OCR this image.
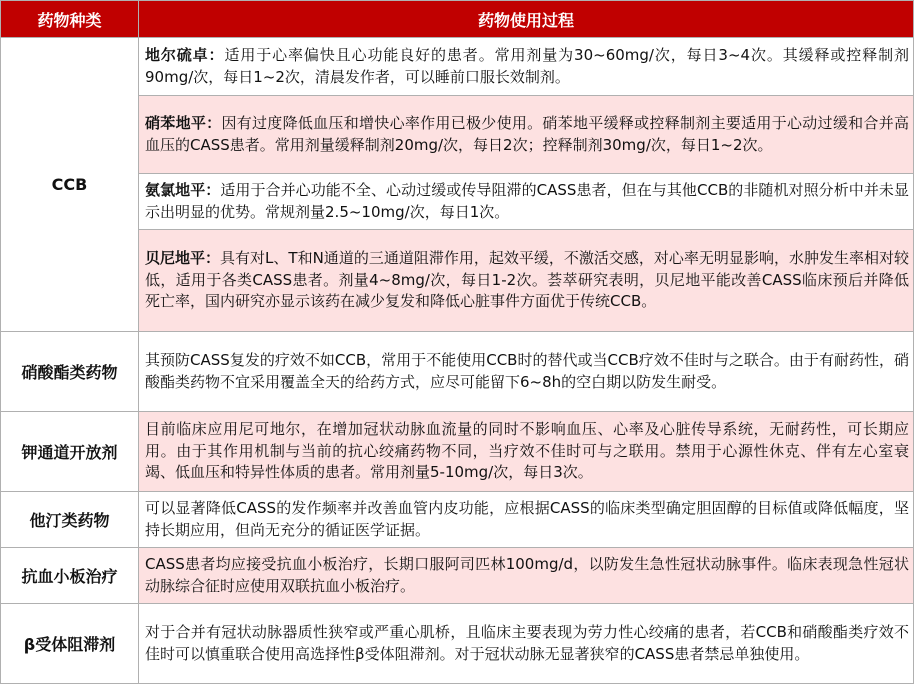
药物种类	药物使用过程
CCB	地尔硫卓：适用于心率偏快且心功能良好的患者。常用剂量为30~60mg/次，每日3~4次。其缓释或控释制剂90mg/次，每日1~2次，清晨发作者，可以睡前口服长效制剂。
	硝苯地平：因有过度降低血压和增快心率作用已极少使用。硝苯地平缓释或控释制剂主要适用于心动过缓和合并高血压的CASS患者。常用剂量缓释制剂20mg/次，每日2次；控释制剂30mg/次，每日1~2次。
	氨氯地平：适用于合并心功能不全、心动过缓或传导阻滞的CASS患者，但在与其他CCB的非随机对照分析中并未显示出明显的优势。常规剂量2.5~10mg/次，每日1次。
	贝尼地平：具有对L、T和N通道的三通道阻滞作用，起效平缓，不激活交感，对心率无明显影响，水肿发生率相对较低，适用于各类CASS患者。剂量4~8mg/次，每日1-2次。荟萃研究表明，贝尼地平能改善CASS临床预后并降低死亡率，国内研究亦显示该药在减少复发和降低心脏事件方面优于传统CCB。
硝酸酯类药物	其预防CASS复发的疗效不如CCB，常用于不能使用CCB时的替代或当CCB疗效不佳时与之联合。由于有耐药性，硝酸酯类药物不宜采用覆盖全天的给药方式，应尽可能留下6~8h的空白期以防发生耐受。
钾通道开放剂	目前临床应用尼可地尔，在增加冠状动脉血流量的同时不影响血压、心率及心脏传导系统，无耐药性，可长期应用。由于其作用机制与当前的抗心绞痛药物不同，当疗效不佳时可与之联用。禁用于心源性休克、伴有左心室衰竭、低血压和特异性体质的患者。常用剂量5-10mg/次，每日3次。
他汀类药物	可以显著降低CASS的发作频率并改善血管内皮功能，应根据CASS的临床类型确定胆固醇的目标值或降低幅度，坚持长期应用，但尚无充分的循证医学证据。
抗血小板治疗	CASS患者均应接受抗血小板治疗，长期口服阿司匹林100mg/d，以防发生急性冠状动脉事件。临床表现急性冠状动脉综合征时应使用双联抗血小板治疗。
β受体阻滞剂	对于合并有冠状动脉器质性狭窄或严重心肌桥，且临床主要表现为劳力性心绞痛的患者，若CCB和硝酸酯类疗效不佳时可以慎重联合使用高选择性β受体阻滞剂。对于冠状动脉无显著狭窄的CASS患者禁忌单独使用。
